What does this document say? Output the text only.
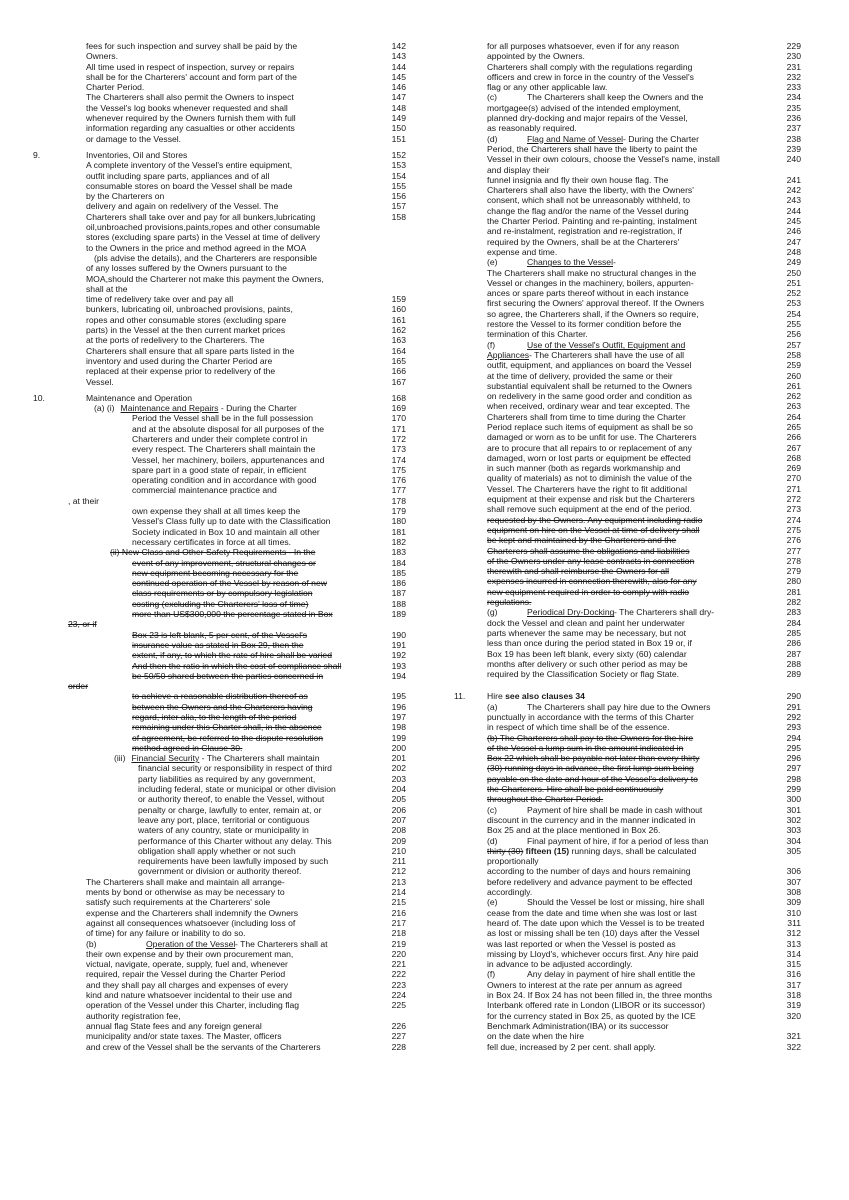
fees for such inspection and survey shall be paid by the	142
Owners.	143
All time used in respect of inspection, survey or repairs	144
shall be for the Charterers' account and form part of the	145
Charter Period.	146
The Charterers shall also permit the Owners to inspect	147
the Vessel's log books whenever requested and shall	148
whenever required by the Owners furnish them with full	149
information regarding any casualties or other accidents	150
or damage to the Vessel.	151
9.	Inventories, Oil and Stores	152
A complete inventory of the Vessel's entire equipment,	153
outfit including spare parts, appliances and of all	154
consumable stores on board the Vessel shall be made	155
by the Charterers on	156
delivery and again on redelivery of the Vessel. The	157
Charterers shall take over and pay for all bunkers,lubricating	158
oil,unbroached provisions,paints,ropes and other consumable
stores (excluding spare parts) in the Vessel at time of delivery
to the Owners in the price and method agreed in the MOA
(pls advise the details), and the Charterers are responsible
of any losses suffered by the Owners pursuant to the
MOA,should the Charterer not make this payment the Owners,
shall at the
time of redelivery take over and pay all	159
bunkers, lubricating oil, unbroached provisions, paints,	160
ropes and other consumable stores (excluding spare	161
parts) in the Vessel at the then current market prices	162
at the ports of redelivery to the Charterers. The	163
Charterers shall ensure that all spare parts listed in the	164
inventory and used during the Charter Period are	165
replaced at their expense prior to redelivery of the	166
Vessel.	167
10.	Maintenance and Operation	168
(a) (i) Maintenance and Repairs - During the Charter	169
Period the Vessel shall be in the full possession	170
and at the absolute disposal for all purposes of the	171
Charterers and under their complete control in	172
every respect. The Charterers shall maintain the	173
Vessel, her machinery, boilers, appurtenances and	174
spare part in a good state of repair, in efficient	175
operating condition and in accordance with good	176
commercial maintenance practice and	177
, at their	178
own expense they shall at all times keep the	179
Vessel's Class fully up to date with the Classification	180
Society indicated in Box 10 and maintain all other	181
necessary certificates in force at all times.	182
(ii) New Class and Other Safety Requirements - In the	183
event of any improvement, structural changes or	184
new equipment becoming necessary for the	185
continued operation of the Vessel by reason of new	186
class requirements or by compulsory legislation	187
costing (excluding the Charterers' loss of time)	188
more than US$300,000 the percentage stated in Box	189
23, or if
Box 23 is left blank, 5 per cent, of the Vessel's	190
insurance value as stated in Box 29, then the	191
extent, if any, to which the rate of hire shall be varied	192
And then the ratio in which the cost of compliance shall	193
be 50/50 shared between the parties concerned in	194
order
to achieve a reasonable distribution thereof as	195
between the Owners and the Charterers having	196
regard, inter alia, to the length of the period	197
remaining under this Charter shall, in the absence	198
of agreement, be referred to the dispute resolution	199
method agreed in Clause 30.	200
(iii) Financial Security - The Charterers shall maintain	201
financial security or responsibility in respect of third	202
party liabilities as required by any government,	203
including federal, state or municipal or other division	204
or authority thereof, to enable the Vessel, without	205
penalty or charge, lawfully to enter, remain at, or	206
leave any port, place, territorial or contiguous	207
waters of any country, state or municipality in	208
performance of this Charter without any delay. This	209
obligation shall apply whether or not such	210
requirements have been lawfully imposed by such	211
government or division or authority thereof.	212
The Charterers shall make and maintain all arrange-	213
ments by bond or otherwise as may be necessary to	214
satisfy such requirements at the Charterers' sole	215
expense and the Charterers shall indemnify the Owners	216
against all consequences whatsoever (including loss of	217
of time) for any failure or inability to do so.	218
(b)	Operation of the Vessel - The Charterers shall at	219
their own expense and by their own procurement man,	220
victual, navigate, operate, supply, fuel and, whenever	221
required, repair the Vessel during the Charter Period	222
and they shall pay all charges and expenses of every	223
kind and nature whatsoever incidental to their use and	224
operation of the Vessel under this Charter, including flag	225
authority registration fee,
annual flag State fees and any foreign general	226
municipality and/or state taxes. The Master, officers	227
and crew of the Vessel shall be the servants of the Charterers	228
for all purposes whatsoever, even if for any reason	229
appointed by the Owners.	230
Charterers shall comply with the regulations regarding	231
officers and crew in force in the country of the Vessel's	232
flag or any other applicable law.	233
(c)	The Charterers shall keep the Owners and the	234
mortgagee(s) advised of the intended employment,	235
planned dry-docking and major repairs of the Vessel,	236
as reasonably required.	237
(d)	Flag and Name of Vessel - During the Charter	238
Period, the Charterers shall have the liberty to paint the	239
Vessel in their own colours, choose the Vessel's name, install	240
and display their
funnel insignia and fly their own house flag. The	241
Charterers shall also have the liberty, with the Owners'	242
consent, which shall not be unreasonably withheld, to	243
change the flag and/or the name of the Vessel during	244
the Charter Period. Painting and re-painting, instalment	245
and re-instalment, registration and re-registration, if	246
required by the Owners, shall be at the Charterers'	247
expense and time.	248
(e)	Changes to the Vessel -	249
The Charterers shall make no structural changes in the	250
Vessel or changes in the machinery, boilers, appurten-	251
ances or spare parts thereof without in each instance	252
first securing the Owners' approval thereof. If the Owners	253
so agree, the Charterers shall, if the Owners so require,	254
restore the Vessel to its former condition before the	255
termination of this Charter.	256
(f)	Use of the Vessel's Outfit, Equipment and	257
Appliances - The Charterers shall have the use of all	258
outfit, equipment, and appliances on board the Vessel	259
at the time of delivery, provided the same or their	260
substantial equivalent shall be returned to the Owners	261
on redelivery in the same good order and condition as	262
when received, ordinary wear and tear excepted. The	263
Charterers shall from time to time during the Charter	264
Period replace such items of equipment as shall be so	265
damaged or worn as to be unfit for use. The Charterers	266
are to procure that all repairs to or replacement of any	267
damaged, worn or lost parts or equipment be effected	268
in such manner (both as regards workmanship and	269
quality of materials) as not to diminish the value of the	270
Vessel. The Charterers have the right to fit additional	271
equipment at their expense and risk but the Charterers	272
shall remove such equipment at the end of the period.	273
requested by the Owners. Any equipment including radio	274
equipment on hire on the Vessel at time of delivery shall	275
be kept and maintained by the Charterers and the	276
Charterers shall assume the obligations and liabilities	277
of the Owners under any lease contracts in connection	278
therewith and shall reimburse the Owners for all	279
expenses incurred in connection therewith, also for any	280
new equipment required in order to comply with radio	281
regulations.	282
(g)	Periodical Dry-Docking - The Charterers shall dry-	283
dock the Vessel and clean and paint her underwater	284
parts whenever the same may be necessary, but not	285
less than once during the period stated in Box 19 or, if	286
Box 19 has been left blank, every sixty (60) calendar	287
months after delivery or such other period as may be	288
required by the Classification Society or flag State.	289
11.	Hire see also clauses 34	290
(a)	The Charterers shall pay hire due to the Owners	291
punctually in accordance with the terms of this Charter	292
in respect of which time shall be of the essence.	293
(b) The Charterers shall pay to the Owners for the hire	294
of the Vessel a lump sum in the amount indicated in	295
Box 22 which shall be payable not later than every thirty	296
(30) running days in advance, the first lump sum being	297
payable on the date and hour of the Vessel's delivery to	298
the Charterers. Hire shall be paid continuously	299
throughout the Charter Period.	300
(c)	Payment of hire shall be made in cash without	301
discount in the currency and in the manner indicated in	302
Box 25 and at the place mentioned in Box 26.	303
(d)	Final payment of hire, if for a period of less than	304
thirty (30) fifteen (15) running days, shall be calculated	305
proportionally
according to the number of days and hours remaining	306
before redelivery and advance payment to be effected	307
accordingly.	308
(e)	Should the Vessel be lost or missing, hire shall	309
cease from the date and time when she was lost or last	310
heard of. The date upon which the Vessel is to be treated	311
as lost or missing shall be ten (10) days after the Vessel	312
was last reported or when the Vessel is posted as	313
missing by Lloyd's, whichever occurs first. Any hire paid	314
in advance to be adjusted accordingly.	315
(f)	Any delay in payment of hire shall entitle the	316
Owners to interest at the rate per annum as agreed	317
in Box 24. If Box 24 has not been filled in, the three months	318
Interbank offered rate in London (LIBOR or its successor)	319
for the currency stated in Box 25, as quoted by the ICE	320
Benchmark Administration(IBA) or its successor
on the date when the hire	321
fell due, increased by 2 per cent. shall apply.	322
